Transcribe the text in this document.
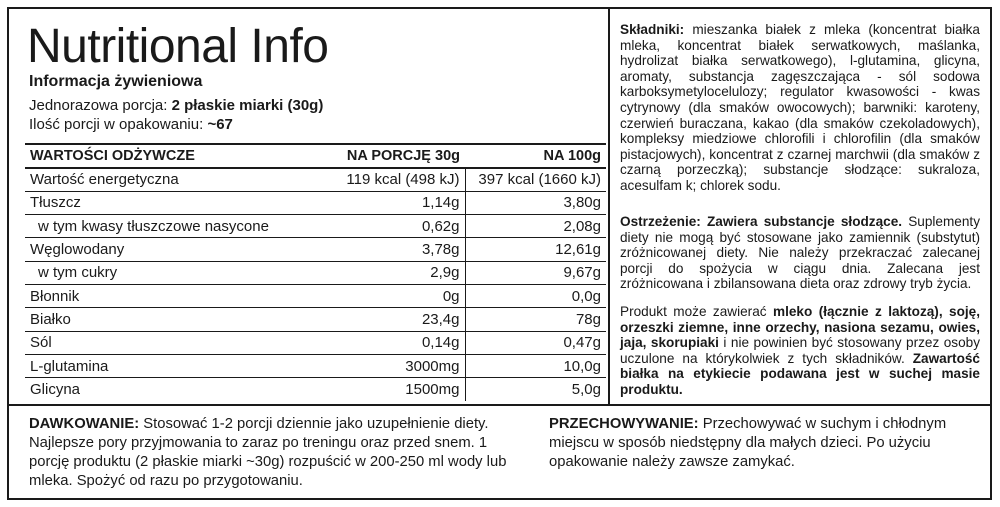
Nutritional Info
Informacja żywieniowa
Jednorazowa porcja: 2 płaskie miarki (30g)
Ilość porcji w opakowaniu: ~67
WARTOŚCI ODŻYWCZE	NA PORCJĘ 30g	NA 100g
Wartość energetyczna	119 kcal (498 kJ)	397 kcal (1660 kJ)
Tłuszcz	1,14g	3,80g
w tym kwasy tłuszczowe nasycone	0,62g	2,08g
Węglowodany	3,78g	12,61g
w tym cukry	2,9g	9,67g
Błonnik	0g	0,0g
Białko	23,4g	78g
Sól	0,14g	0,47g
L-glutamina	3000mg	10,0g
Glicyna	1500mg	5,0g
Składniki: mieszanka białek z mleka (koncentrat białka mleka, koncentrat białek serwatkowych, maślanka, hydrolizat białka serwatkowego), l-glutamina, glicyna, aromaty, substancja zagęszczająca - sól sodowa karboksymetylocelulozy; regulator kwasowości - kwas cytrynowy (dla smaków owocowych); barwniki: karoteny, czerwień buraczana, kakao (dla smaków czekoladowych), kompleksy miedziowe chlorofili i chlorofilin (dla smaków pistacjowych), koncentrat z czarnej marchwii (dla smaków z czarną porzeczką); substancje słodzące: sukraloza, acesulfam k; chlorek sodu.
Ostrzeżenie: Zawiera substancje słodzące. Suplementy diety nie mogą być stosowane jako zamiennik (substytut) zróżnicowanej diety. Nie należy przekraczać zalecanej porcji do spożycia w ciągu dnia. Zalecana jest zróżnicowana i zbilansowana dieta oraz zdrowy tryb życia.
Produkt może zawierać mleko (łącznie z laktozą), soję, orzeszki ziemne, inne orzechy, nasiona sezamu, owies, jaja, skorupiaki i nie powinien być stosowany przez osoby uczulone na którykolwiek z tych składników. Zawartość białka na etykiecie podawana jest w suchej masie produktu.
DAWKOWANIE: Stosować 1-2 porcji dziennie jako uzupełnienie diety. Najlepsze pory przyjmowania to zaraz po treningu oraz przed snem. 1 porcję produktu (2 płaskie miarki ~30g) rozpuścić w 200-250 ml wody lub mleka. Spożyć od razu po przygotowaniu.
PRZECHOWYWANIE: Przechowywać w suchym i chłodnym miejscu w sposób niedstępny dla małych dzieci. Po użyciu opakowanie należy zawsze zamykać.
